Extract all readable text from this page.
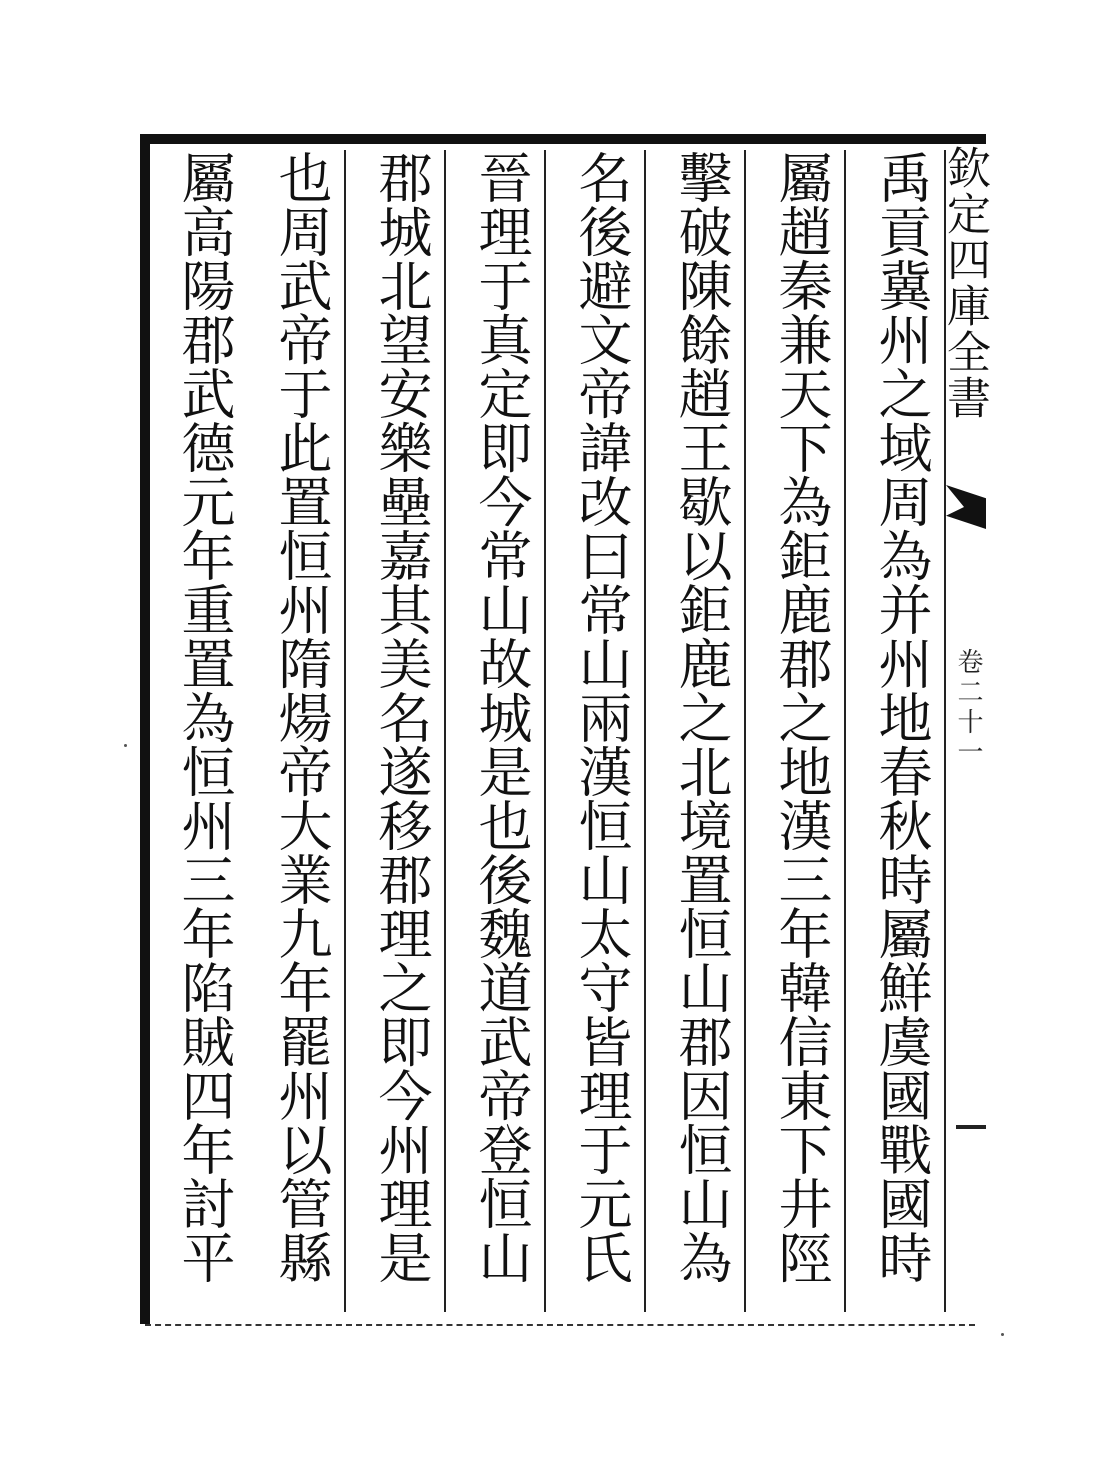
欽定四庫全書
卷二十一
禹貢冀州之域周為并州地春秋時屬鮮虞國戰國時
屬趙秦兼天下為鉅鹿郡之地漢三年韓信東下井陘
擊破陳餘趙王歇以鉅鹿之北境置恒山郡因恒山為
名後避文帝諱改曰常山兩漢恒山太守皆理于元氏
晉理于真定即今常山故城是也後魏道武帝登恒山
郡城北望安樂壘嘉其美名遂移郡理之即今州理是
也周武帝于此置恒州隋煬帝大業九年罷州以管縣
屬高陽郡武德元年重置為恒州三年陷賊四年討平
